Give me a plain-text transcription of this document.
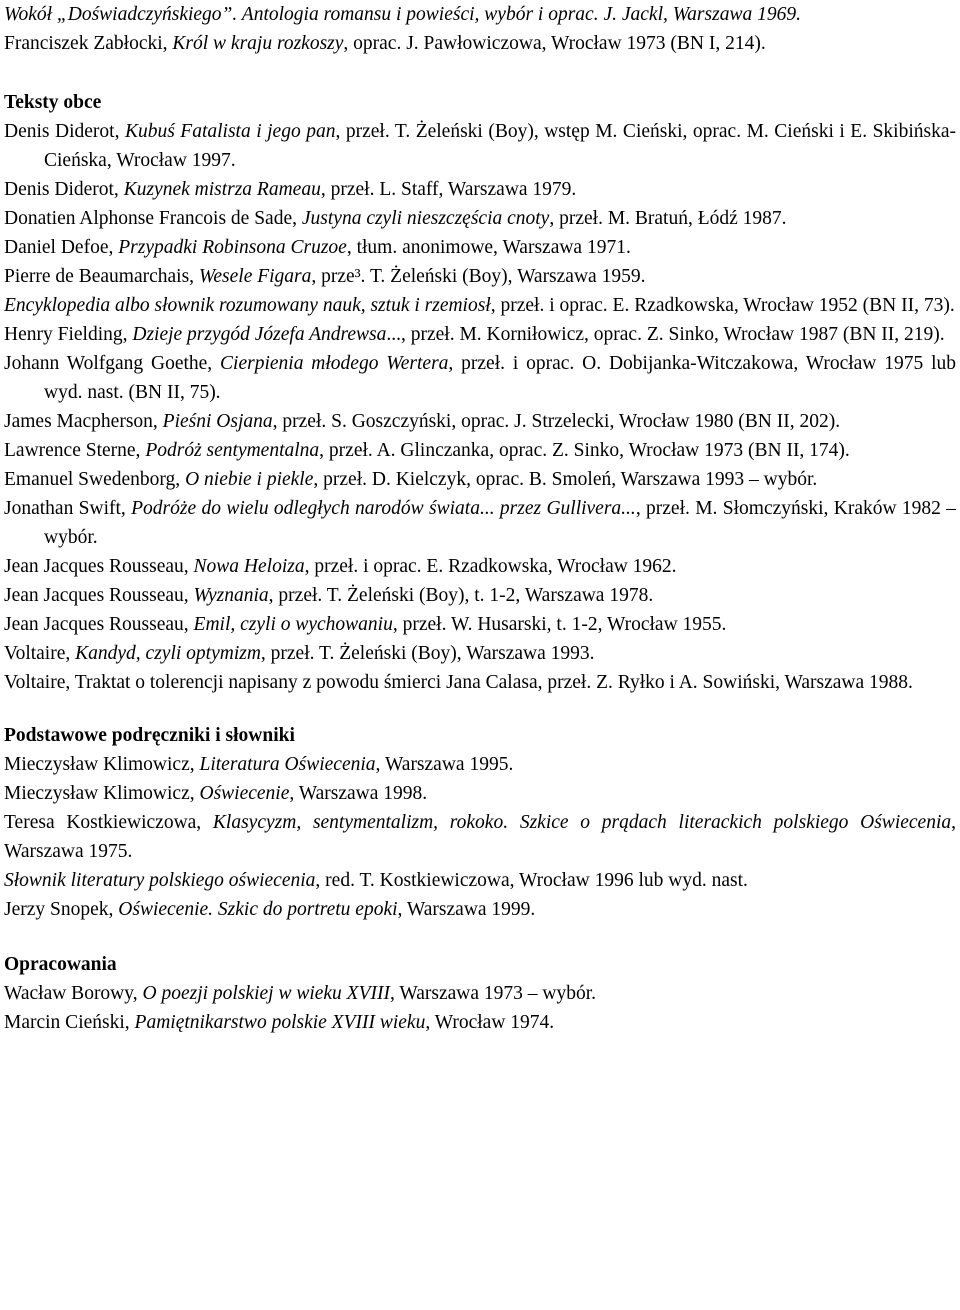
Wokół „Doświadczyńskiego”. Antologia romansu i powieści, wybór i oprac. J. Jackl, Warszawa 1969.
Franciszek Zabłocki, Król w kraju rozkoszy, oprac. J. Pawłowiczowa, Wrocław 1973 (BN I, 214).
Teksty obce
Denis Diderot, Kubuś Fatalista i jego pan, przeł. T. Żeleński (Boy), wstęp M. Cieński, oprac. M. Cieński i E. Skibińska-Cieńska, Wrocław 1997.
Denis Diderot, Kuzynek mistrza Rameau, przeł. L. Staff, Warszawa 1979.
Donatien Alphonse Francois de Sade, Justyna czyli nieszczęścia cnoty, przeł. M. Bratuń, Łódź 1987.
Daniel Defoe, Przypadki Robinsona Cruzoe, tłum. anonimowe, Warszawa 1971.
Pierre de Beaumarchais, Wesele Figara, prze³. T. Żeleński (Boy), Warszawa 1959.
Encyklopedia albo słownik rozumowany nauk, sztuk i rzemiosł, przeł. i oprac. E. Rzadkowska, Wrocław 1952 (BN II, 73).
Henry Fielding, Dzieje przygód Józefa Andrewsa..., przeł. M. Korniłowicz, oprac. Z. Sinko, Wrocław 1987 (BN II, 219).
Johann Wolfgang Goethe, Cierpienia młodego Wertera, przeł. i oprac. O. Dobijanka-Witczakowa, Wrocław 1975 lub wyd. nast. (BN II, 75).
James Macpherson, Pieśni Osjana, przeł. S. Goszczyński, oprac. J. Strzelecki, Wrocław 1980 (BN II, 202).
Lawrence Sterne, Podróż sentymentalna, przeł. A. Glinczanka, oprac. Z. Sinko, Wrocław 1973 (BN II, 174).
Emanuel Swedenborg, O niebie i piekle, przeł. D. Kielczyk, oprac. B. Smoleń, Warszawa 1993 – wybór.
Jonathan Swift, Podróże do wielu odległych narodów świata... przez Gullivera..., przeł. M. Słomczyński, Kraków 1982 – wybór.
Jean Jacques Rousseau, Nowa Heloiza, przeł. i oprac. E. Rzadkowska, Wrocław 1962.
Jean Jacques Rousseau, Wyznania, przeł. T. Żeleński (Boy), t. 1-2, Warszawa 1978.
Jean Jacques Rousseau, Emil, czyli o wychowaniu, przeł. W. Husarski, t. 1-2, Wrocław 1955.
Voltaire, Kandyd, czyli optymizm, przeł. T. Żeleński (Boy), Warszawa 1993.
Voltaire, Traktat o tolerencji napisany z powodu śmierci Jana Calasa, przeł. Z. Ryłko i A. Sowiński, Warszawa 1988.
Podstawowe podręczniki i słowniki
Mieczysław Klimowicz, Literatura Oświecenia, Warszawa 1995.
Mieczysław Klimowicz, Oświecenie, Warszawa 1998.
Teresa Kostkiewiczowa, Klasycyzm, sentymentalizm, rokoko. Szkice o prądach literackich polskiego Oświecenia, Warszawa 1975.
Słownik literatury polskiego oświecenia, red. T. Kostkiewiczowa, Wrocław 1996 lub wyd. nast.
Jerzy Snopek, Oświecenie. Szkic do portretu epoki, Warszawa 1999.
Opracowania
Wacław Borowy, O poezji polskiej w wieku XVIII, Warszawa 1973 – wybór.
Marcin Cieński, Pamiętnikarstwo polskie XVIII wieku, Wrocław 1974.
